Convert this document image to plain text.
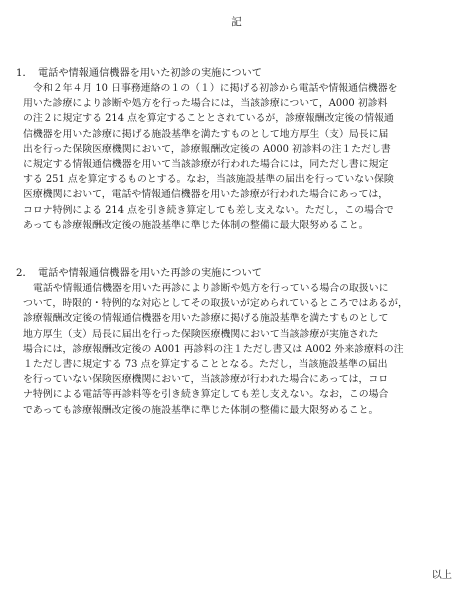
記
1． 電話や情報通信機器を用いた初診の実施について
令和２年４月 10 日事務連絡の１の（１）に掲げる初診から電話や情報通信機器を
用いた診療により診断や処方を行った場合には，当該診療について，A000 初診料
の注２に規定する 214 点を算定することとされているが，診療報酬改定後の情報通
信機器を用いた診療に掲げる施設基準を満たすものとして地方厚生（支）局長に届
出を行った保険医療機関において，診療報酬改定後の A000 初診料の注１ただし書
に規定する情報通信機器を用いて当該診療が行われた場合には，同ただし書に規定
する 251 点を算定するものとする。なお，当該施設基準の届出を行っていない保険
医療機関において，電話や情報通信機器を用いた診療が行われた場合にあっては，
コロナ特例による 214 点を引き続き算定しても差し支えない。ただし，この場合で
あっても診療報酬改定後の施設基準に準じた体制の整備に最大限努めること。
2． 電話や情報通信機器を用いた再診の実施について
電話や情報通信機器を用いた再診により診断や処方を行っている場合の取扱いに
ついて，時限的・特例的な対応としてその取扱いが定められているところではあるが，
診療報酬改定後の情報通信機器を用いた診療に掲げる施設基準を満たすものとして
地方厚生（支）局長に届出を行った保険医療機関において当該診療が実施された
場合には，診療報酬改定後の A001 再診料の注１ただし書又は A002 外来診療料の注
１ただし書に規定する 73 点を算定することとなる。ただし，当該施設基準の届出
を行っていない保険医療機関において，当該診療が行われた場合にあっては，コロ
ナ特例による電話等再診料等を引き続き算定しても差し支えない。なお，この場合
であっても診療報酬改定後の施設基準に準じた体制の整備に最大限努めること。
以上
